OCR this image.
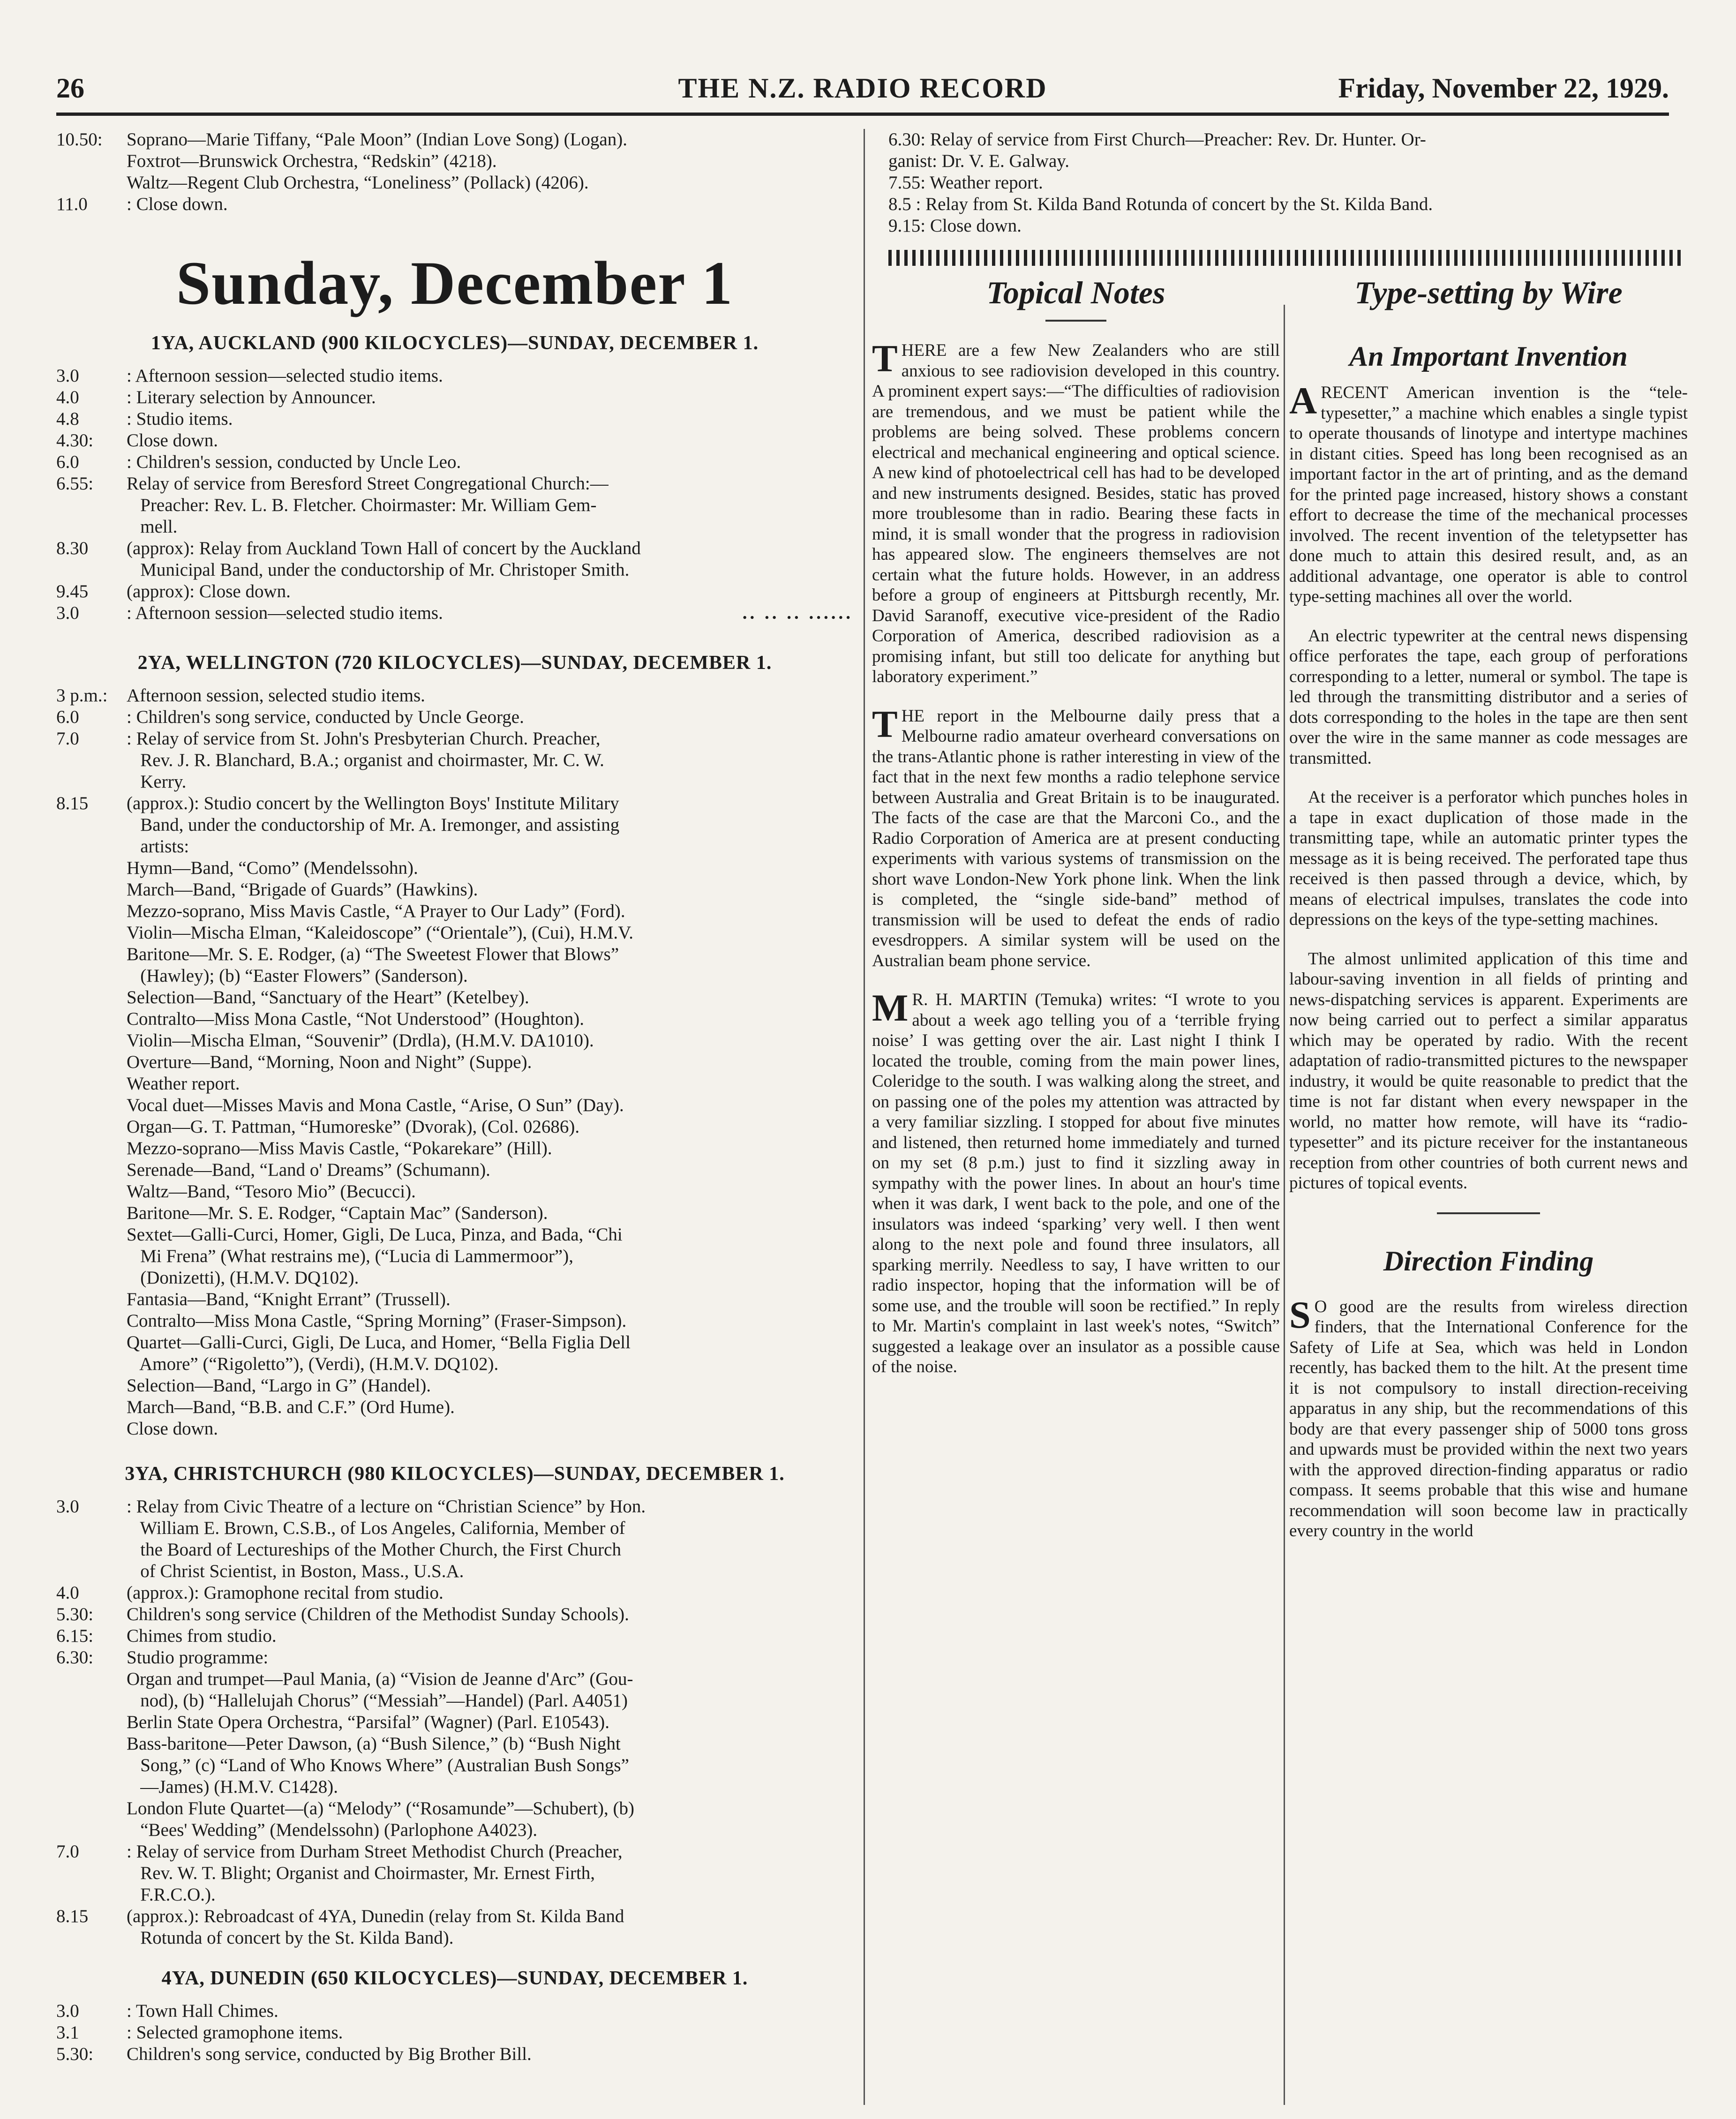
26	THE N.Z. RADIO RECORD	Friday, November 22, 1929.
10.50:	Soprano—Marie Tiffany, “Pale Moon” (Indian Love Song) (Logan).
Foxtrot—Brunswick Orchestra, “Redskin” (4218).
Waltz—Regent Club Orchestra, “Loneliness” (Pollack) (4206).
11.0	: Close down.
Sunday, December 1
1YA, AUCKLAND (900 KILOCYCLES)—SUNDAY, DECEMBER 1.
3.0	: Afternoon session—selected studio items.
4.0	: Literary selection by Announcer.
4.8	: Studio items.
4.30:	Close down.
6.0	: Children's session, conducted by Uncle Leo.
6.55:	Relay of service from Beresford Street Congregational Church:—
Preacher: Rev. L. B. Fletcher. Choirmaster: Mr. William Gem-
mell.
8.30	(approx): Relay from Auckland Town Hall of concert by the Auckland
Municipal Band, under the conductorship of Mr. Christoper Smith.
9.45	(approx): Close down.
3.0	: Afternoon session—selected studio items.	.. .. .. ......
2YA, WELLINGTON (720 KILOCYCLES)—SUNDAY, DECEMBER 1.
3 p.m.:	Afternoon session, selected studio items.
6.0	: Children's song service, conducted by Uncle George.
7.0	: Relay of service from St. John's Presbyterian Church. Preacher,
Rev. J. R. Blanchard, B.A.; organist and choirmaster, Mr. C. W.
Kerry.
8.15	(approx.): Studio concert by the Wellington Boys' Institute Military
Band, under the conductorship of Mr. A. Iremonger, and assisting
artists:
Hymn—Band, “Como” (Mendelssohn).
March—Band, “Brigade of Guards” (Hawkins).
Mezzo-soprano, Miss Mavis Castle, “A Prayer to Our Lady” (Ford).
Violin—Mischa Elman, “Kaleidoscope” (“Orientale”), (Cui), H.M.V.
Baritone—Mr. S. E. Rodger, (a) “The Sweetest Flower that Blows”
(Hawley); (b) “Easter Flowers” (Sanderson).
Selection—Band, “Sanctuary of the Heart” (Ketelbey).
Contralto—Miss Mona Castle, “Not Understood” (Houghton).
Violin—Mischa Elman, “Souvenir” (Drdla), (H.M.V. DA1010).
Overture—Band, “Morning, Noon and Night” (Suppe).
Weather report.
Vocal duet—Misses Mavis and Mona Castle, “Arise, O Sun” (Day).
Organ—G. T. Pattman, “Humoreske” (Dvorak), (Col. 02686).
Mezzo-soprano—Miss Mavis Castle, “Pokarekare” (Hill).
Serenade—Band, “Land o' Dreams” (Schumann).
Waltz—Band, “Tesoro Mio” (Becucci).
Baritone—Mr. S. E. Rodger, “Captain Mac” (Sanderson).
Sextet—Galli-Curci, Homer, Gigli, De Luca, Pinza, and Bada, “Chi
Mi Frena” (What restrains me), (“Lucia di Lammermoor”),
(Donizetti), (H.M.V. DQ102).
Fantasia—Band, “Knight Errant” (Trussell).
Contralto—Miss Mona Castle, “Spring Morning” (Fraser-Simpson).
Quartet—Galli-Curci, Gigli, De Luca, and Homer, “Bella Figlia Dell
Amore” (“Rigoletto”), (Verdi), (H.M.V. DQ102).
Selection—Band, “Largo in G” (Handel).
March—Band, “B.B. and C.F.” (Ord Hume).
Close down.
3YA, CHRISTCHURCH (980 KILOCYCLES)—SUNDAY, DECEMBER 1.
3.0	: Relay from Civic Theatre of a lecture on “Christian Science” by Hon.
William E. Brown, C.S.B., of Los Angeles, California, Member of
the Board of Lectureships of the Mother Church, the First Church
of Christ Scientist, in Boston, Mass., U.S.A.
4.0	(approx.): Gramophone recital from studio.
5.30:	Children's song service (Children of the Methodist Sunday Schools).
6.15:	Chimes from studio.
6.30:	Studio programme:
Organ and trumpet—Paul Mania, (a) “Vision de Jeanne d'Arc” (Gou-
nod), (b) “Hallelujah Chorus” (“Messiah”—Handel) (Parl. A4051)
Berlin State Opera Orchestra, “Parsifal” (Wagner) (Parl. E10543).
Bass-baritone—Peter Dawson, (a) “Bush Silence,” (b) “Bush Night
Song,” (c) “Land of Who Knows Where” (Australian Bush Songs”
—James) (H.M.V. C1428).
London Flute Quartet—(a) “Melody” (“Rosamunde”—Schubert), (b)
“Bees' Wedding” (Mendelssohn) (Parlophone A4023).
7.0	: Relay of service from Durham Street Methodist Church (Preacher,
Rev. W. T. Blight; Organist and Choirmaster, Mr. Ernest Firth,
F.R.C.O.).
8.15	(approx.): Rebroadcast of 4YA, Dunedin (relay from St. Kilda Band
Rotunda of concert by the St. Kilda Band).
4YA, DUNEDIN (650 KILOCYCLES)—SUNDAY, DECEMBER 1.
3.0	: Town Hall Chimes.
3.1	: Selected gramophone items.
5.30:	Children's song service, conducted by Big Brother Bill.
6.30: Relay of service from First Church—Preacher: Rev. Dr. Hunter. Or-
ganist: Dr. V. E. Galway.
7.55: Weather report.
8.5 : Relay from St. Kilda Band Rotunda of concert by the St. Kilda Band.
9.15: Close down.
Topical Notes

THERE are a few New Zealanders who are still anxious to see radiovision developed in this country. A prominent expert says:—“The difficulties of radiovision are tremendous, and we must be patient while the problems are being solved. These problems concern electrical and mechanical engineering and optical science. A new kind of photoelectrical cell has had to be developed and new instruments designed. Besides, static has proved more troublesome than in radio. Bearing these facts in mind, it is small wonder that the progress in radiovision has appeared slow. The engineers themselves are not certain what the future holds. However, in an address before a group of engineers at Pittsburgh recently, Mr. David Saranoff, executive vice-president of the Radio Corporation of America, described radiovision as a promising infant, but still too delicate for anything but laboratory experiment.”

THE report in the Melbourne daily press that a Melbourne radio amateur overheard conversations on the trans-Atlantic phone is rather interesting in view of the fact that in the next few months a radio telephone service between Australia and Great Britain is to be inaugurated. The facts of the case are that the Marconi Co., and the Radio Corporation of America are at present conducting experiments with various systems of transmission on the short wave London-New York phone link. When the link is completed, the “single side-band” method of transmission will be used to defeat the ends of radio evesdroppers. A similar system will be used on the Australian beam phone service.

M R. H. MARTIN (Temuka) writes: “I wrote to you about a week ago telling you of a ‘terrible frying noise’ I was getting over the air. Last night I think I located the trouble, coming from the main power lines, Coleridge to the south. I was walking along the street, and on passing one of the poles my attention was attracted by a very familiar sizzling. I stopped for about five minutes and listened, then returned home immediately and turned on my set (8 p.m.) just to find it sizzling away in sympathy with the power lines. In about an hour's time when it was dark, I went back to the pole, and one of the insulators was indeed ‘sparking’ very well. I then went along to the next pole and found three insulators, all sparking merrily. Needless to say, I have written to our radio inspector, hoping that the information will be of some use, and the trouble will soon be rectified.” In reply to Mr. Martin's complaint in last week's notes, “Switch” suggested a leakage over an insulator as a possible cause of the noise.

Type-setting by Wire
An Important Invention

ARECENT American invention is the “tele-typesetter,” a machine which enables a single typist to operate thousands of linotype and intertype machines in distant cities. Speed has long been recognised as an important factor in the art of printing, and as the demand for the printed page increased, history shows a constant effort to decrease the time of the mechanical processes involved. The recent invention of the teletypsetter has done much to attain this desired result, and, as an additional advantage, one operator is able to control type-setting machines all over the world.

An electric typewriter at the central news dispensing office perforates the tape, each group of perforations corresponding to a letter, numeral or symbol. The tape is led through the transmitting distributor and a series of dots corresponding to the holes in the tape are then sent over the wire in the same manner as code messages are transmitted.

At the receiver is a perforator which punches holes in a tape in exact duplication of those made in the transmitting tape, while an automatic printer types the message as it is being received. The perforated tape thus received is then passed through a device, which, by means of electrical impulses, translates the code into depressions on the keys of the type-setting machines.

The almost unlimited application of this time and labour-saving invention in all fields of printing and news-dispatching services is apparent. Experiments are now being carried out to perfect a similar apparatus which may be operated by radio. With the recent adaptation of radio-transmitted pictures to the newspaper industry, it would be quite reasonable to predict that the time is not far distant when every newspaper in the world, no matter how remote, will have its “radio-typesetter” and its picture receiver for the instantaneous reception from other countries of both current news and pictures of topical events.

Direction Finding

S O good are the results from wireless direction finders, that the International Conference for the Safety of Life at Sea, which was held in London recently, has backed them to the hilt. At the present time it is not compulsory to install direction-receiving apparatus in any ship, but the recommendations of this body are that every passenger ship of 5000 tons gross and upwards must be provided within the next two years with the approved direction-finding apparatus or radio compass. It seems probable that this wise and humane recommendation will soon become law in practically every country in the world
